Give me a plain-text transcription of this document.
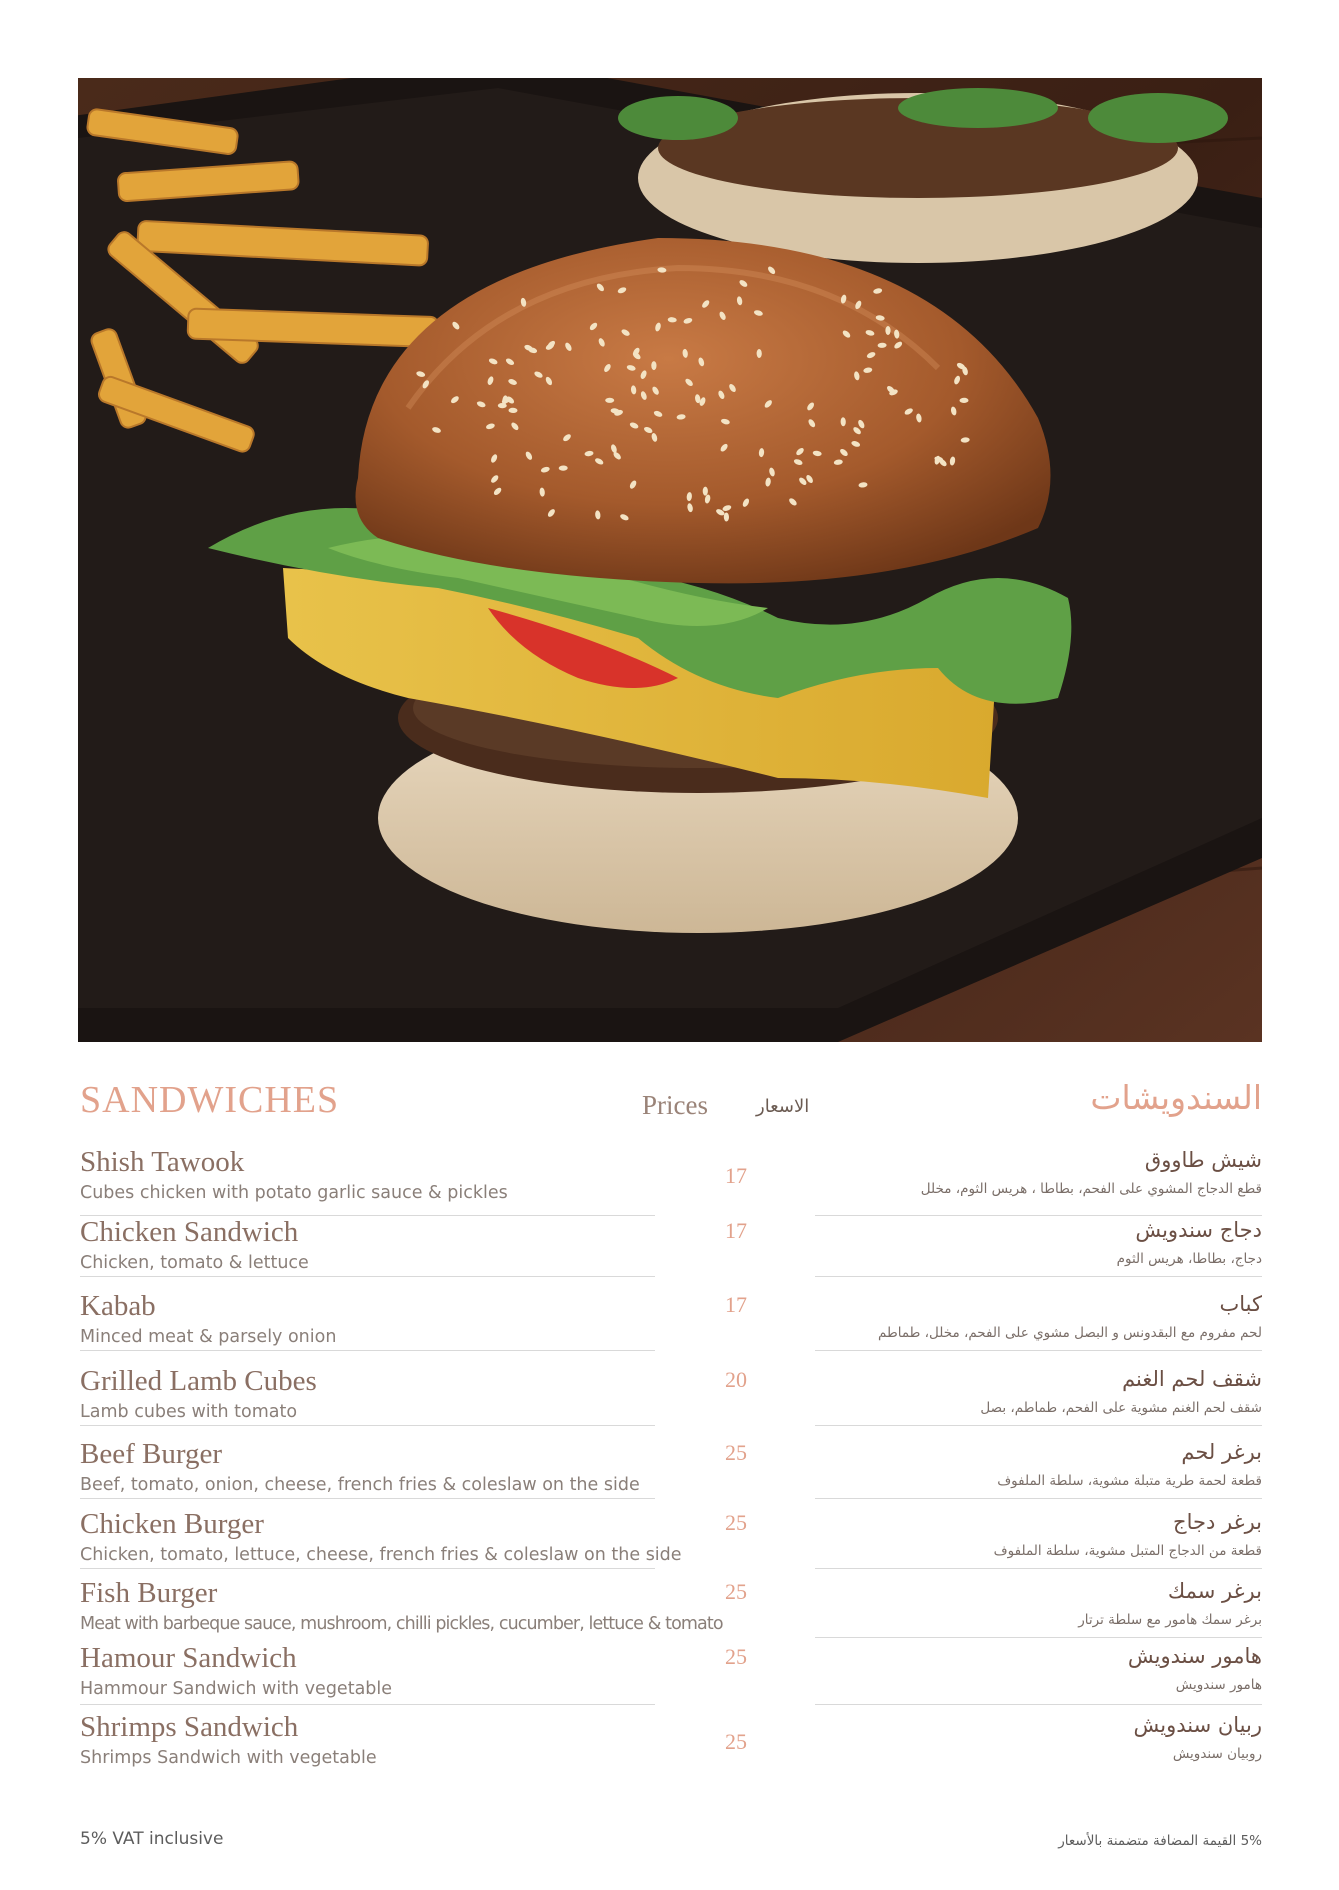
SANDWICHES	Prices	الاسعار	السندويشات
Shish Tawook
Cubes chicken with potato garlic sauce & pickles
17
شيش طاووق
قطع الدجاج المشوي على الفحم، بطاطا ، هريس الثوم، مخلل
Chicken Sandwich
Chicken, tomato & lettuce
17	دجاج سندويش
دجاج، بطاطا، هريس الثوم
Kabab
Minced meat & parsely onion
17	كباب
لحم مفروم مع البقدونس و البصل مشوي على الفحم، مخلل، طماطم
Grilled Lamb Cubes
Lamb cubes with tomato
20	شقف لحم الغنم
شقف لحم الغنم مشوية على الفحم، طماطم، بصل
Beef Burger
Beef, tomato, onion, cheese, french fries & coleslaw on the side
25	برغر لحم
قطعة لحمة طرية متبلة مشوية، سلطة الملفوف
Chicken Burger
Chicken, tomato, lettuce, cheese, french fries & coleslaw on the side
25	برغر دجاج
قطعة من الدجاج المتبل مشوية، سلطة الملفوف
Fish Burger
Meat with barbeque sauce, mushroom, chilli pickles, cucumber, lettuce & tomato
25	برغر سمك
برغر سمك هامور مع سلطة ترتار
Hamour Sandwich
Hammour Sandwich with vegetable
25	هامور سندويش
هامور سندويش
Shrimps Sandwich
Shrimps Sandwich with vegetable
25
ربيان سندويش
روبيان سندويش
5% VAT inclusive	5% القيمة المضافة متضمنة بالأسعار
